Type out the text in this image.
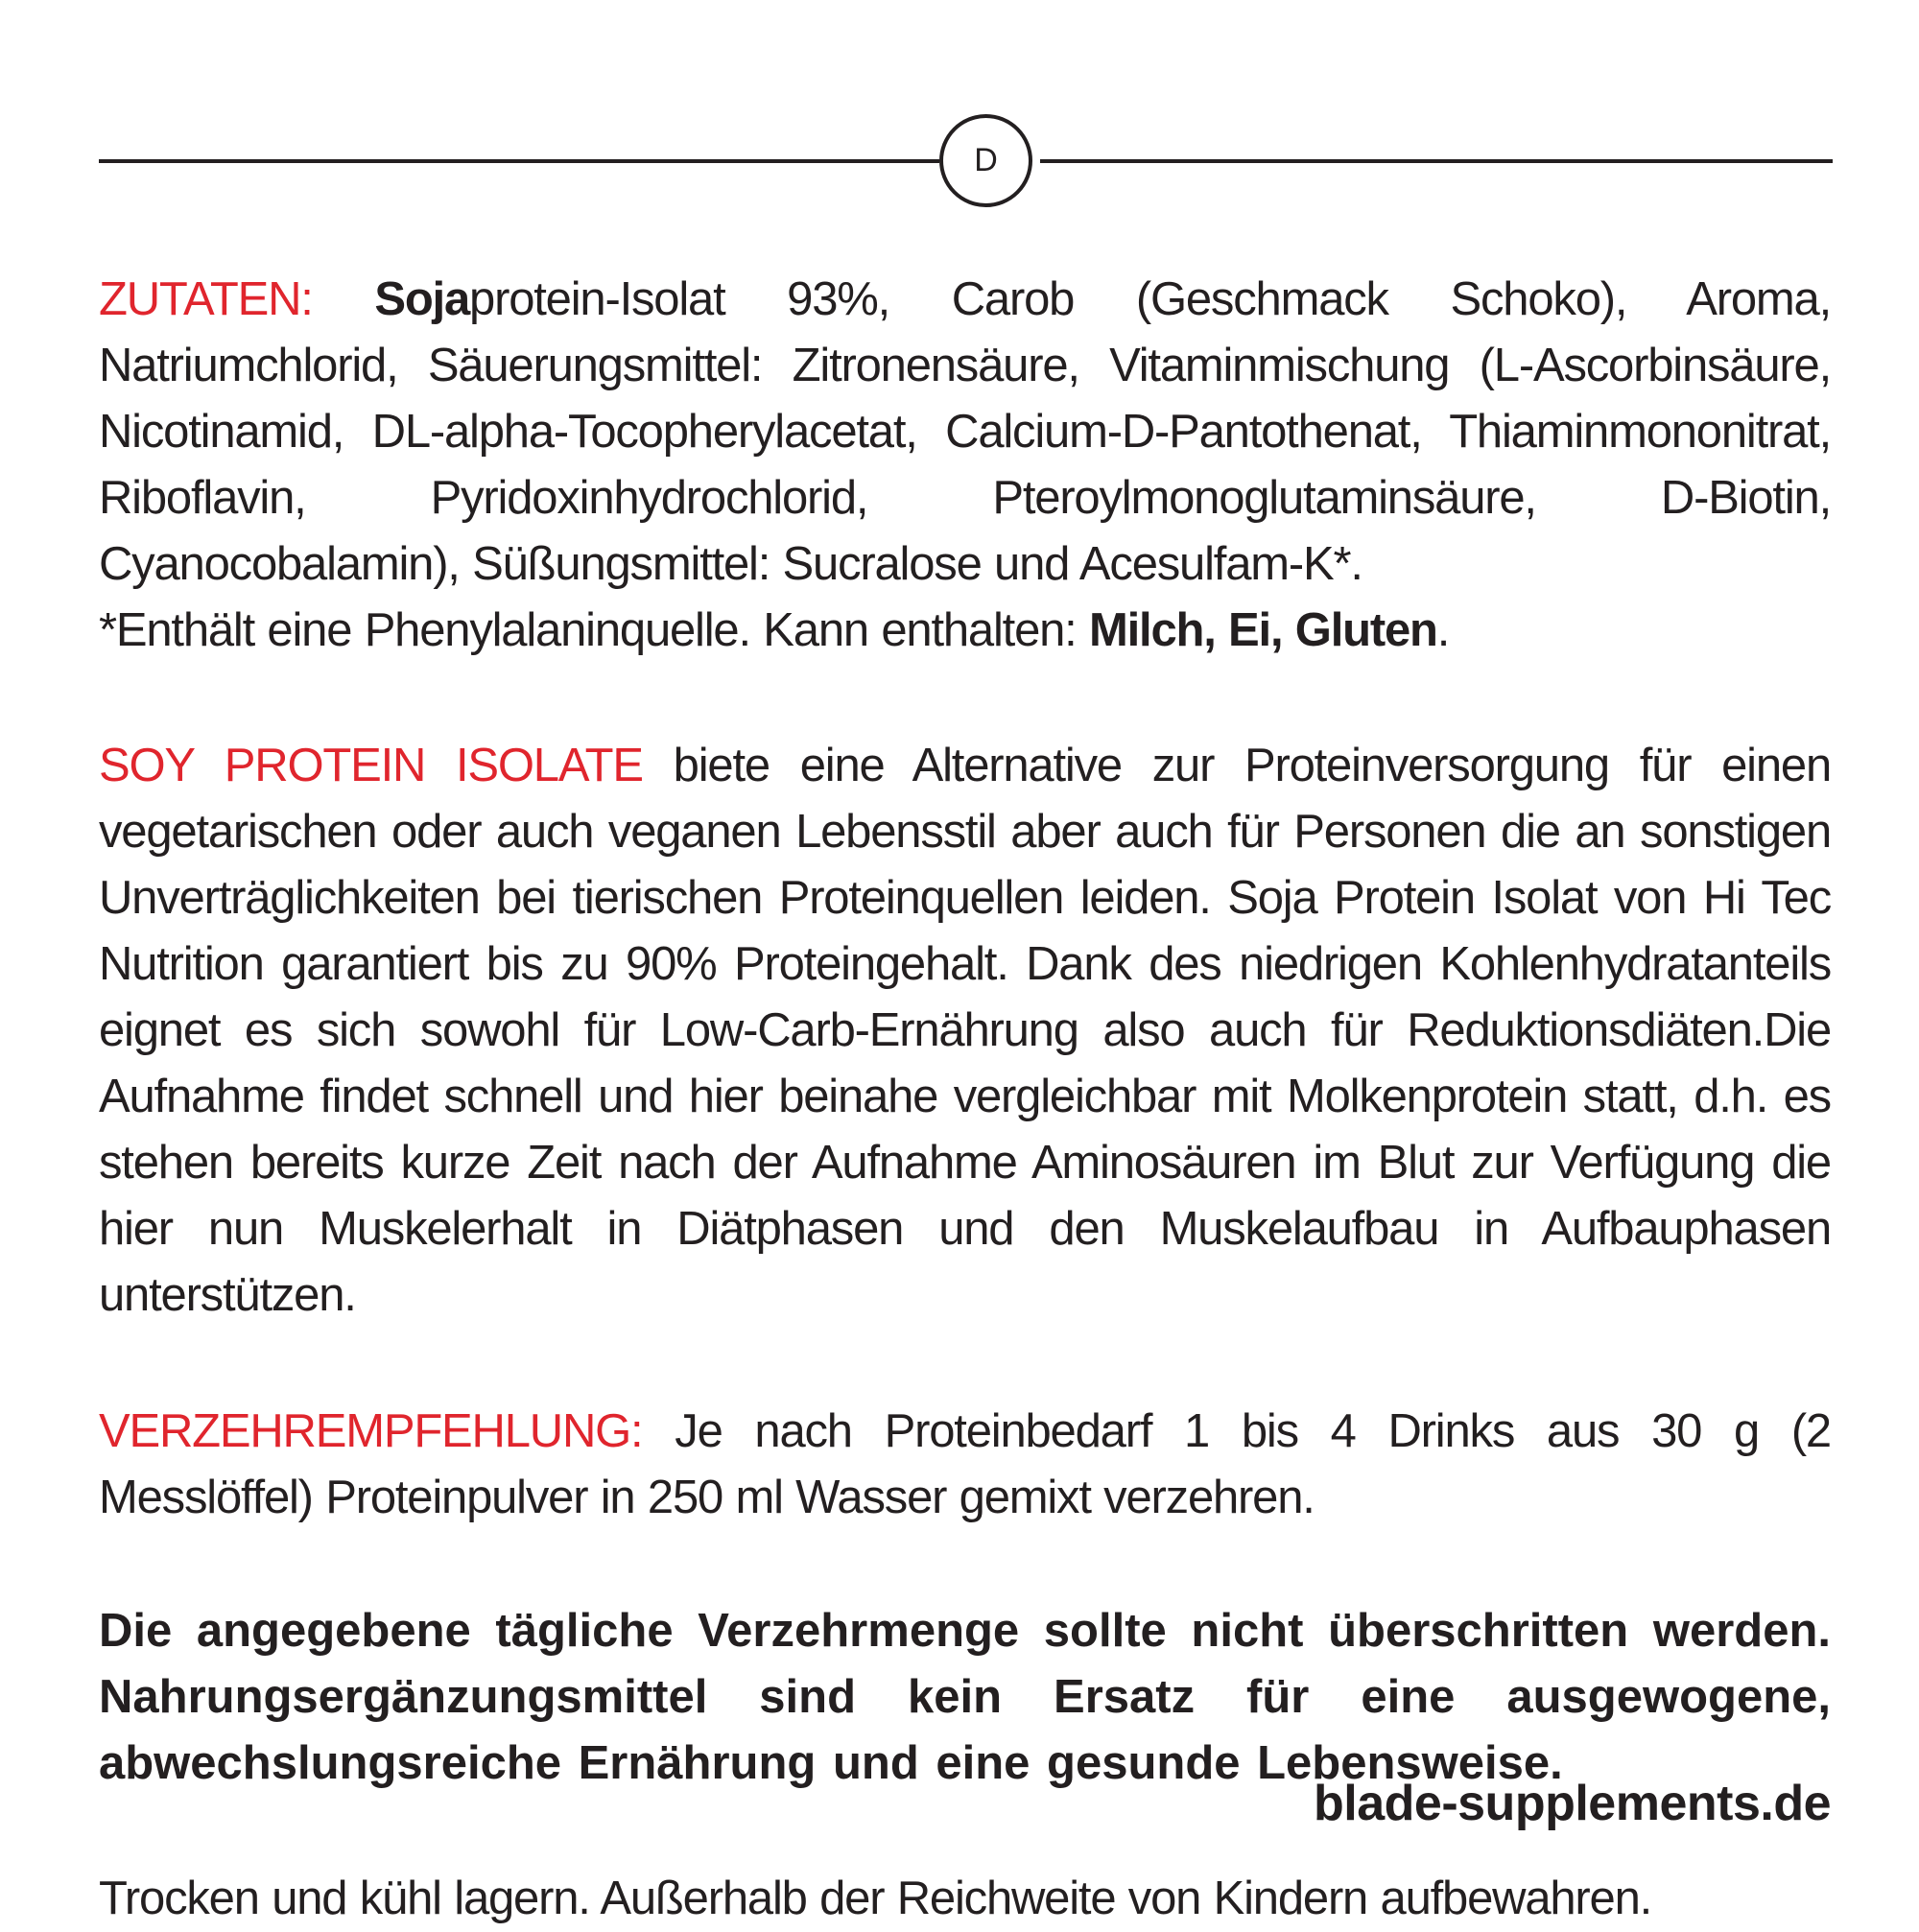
D

ZUTATEN: Sojaprotein-Isolat 93%, Carob (Geschmack Schoko), Aroma, Natriumchlorid, Säuerungsmittel: Zitronensäure, Vitaminmischung (L-Ascorbinsäure, Nicotinamid, DL-alpha-Tocopherylacetat, Calcium-D-Pantothenat, Thiaminmononitrat, Riboflavin, Pyridoxinhydrochlorid, Pteroylmonoglutaminsäure, D-Biotin, Cyanocobalamin), Süßungsmittel: Sucralose und Acesulfam-K*.
*Enthält eine Phenylalaninquelle. Kann enthalten: Milch, Ei, Gluten.

SOY PROTEIN ISOLATE biete eine Alternative zur Proteinversorgung für einen vegetarischen oder auch veganen Lebensstil aber auch für Personen die an sonstigen Unverträglichkeiten bei tierischen Proteinquellen leiden. Soja Protein Isolat von Hi Tec Nutrition garantiert bis zu 90% Proteingehalt. Dank des niedrigen Kohlenhydratanteils eignet es sich sowohl für Low-Carb-Ernährung also auch für Reduktionsdiäten.Die Aufnahme findet schnell und hier beinahe vergleichbar mit Molkenprotein statt, d.h. es stehen bereits kurze Zeit nach der Aufnahme Aminosäuren im Blut zur Verfügung die hier nun Muskelerhalt in Diätphasen und den Muskelaufbau in Aufbauphasen unterstützen.

VERZEHREMPFEHLUNG: Je nach Proteinbedarf 1 bis 4 Drinks aus 30 g (2 Messlöffel) Proteinpulver in 250 ml Wasser gemixt verzehren.

Die angegebene tägliche Verzehrmenge sollte nicht überschritten werden. Nahrungsergänzungsmittel sind kein Ersatz für eine ausgewogene, abwechslungsreiche Ernährung und eine gesunde Lebensweise.

Trocken und kühl lagern. Außerhalb der Reichweite von Kindern aufbewahren.

blade-supplements.de
